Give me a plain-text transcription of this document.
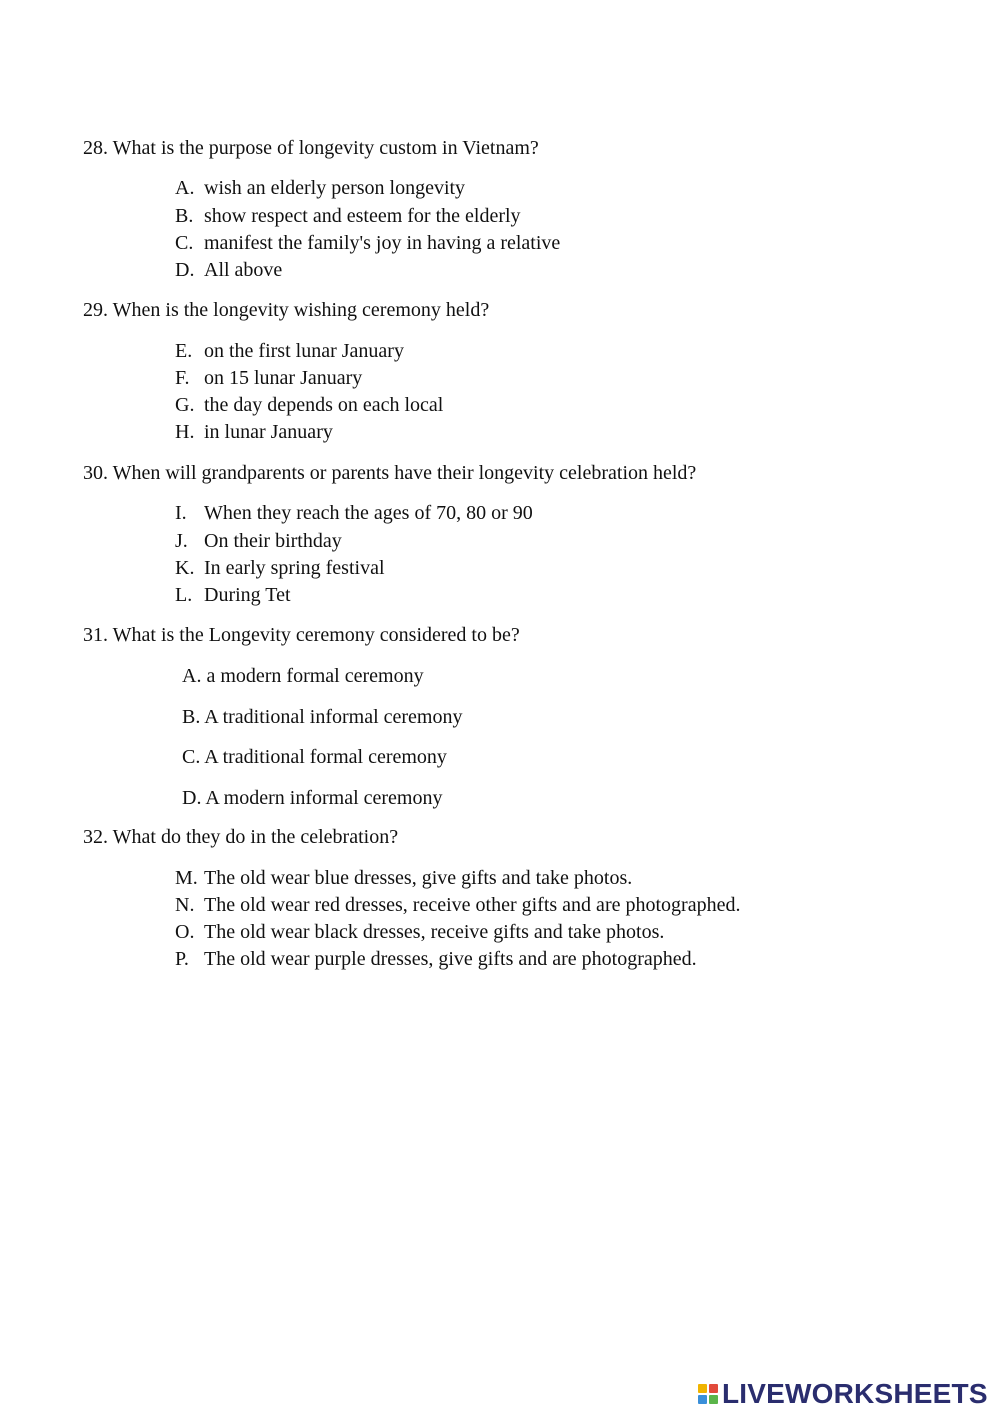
28. What is the purpose of longevity custom in Vietnam?
A. wish an elderly person longevity
B. show respect and esteem for the elderly
C. manifest the family's joy in having a relative
D. All above
29. When is the longevity wishing ceremony held?
E. on the first lunar January
F. on 15 lunar January
G. the day depends on each local
H. in lunar January
30. When will grandparents or parents have their longevity celebration held?
I. When they reach the ages of 70, 80 or 90
J. On their birthday
K. In early spring festival
L. During Tet
31. What is the Longevity ceremony considered to be?
A. a modern formal ceremony
B. A traditional informal ceremony
C. A traditional formal ceremony
D. A modern informal ceremony
32. What do they do in the celebration?
M. The old wear blue dresses, give gifts and take photos.
N. The old wear red dresses, receive other gifts and are photographed.
O. The old wear black dresses, receive gifts and take photos.
P. The old wear purple dresses, give gifts and are photographed.
LIVEWORKSHEETS
